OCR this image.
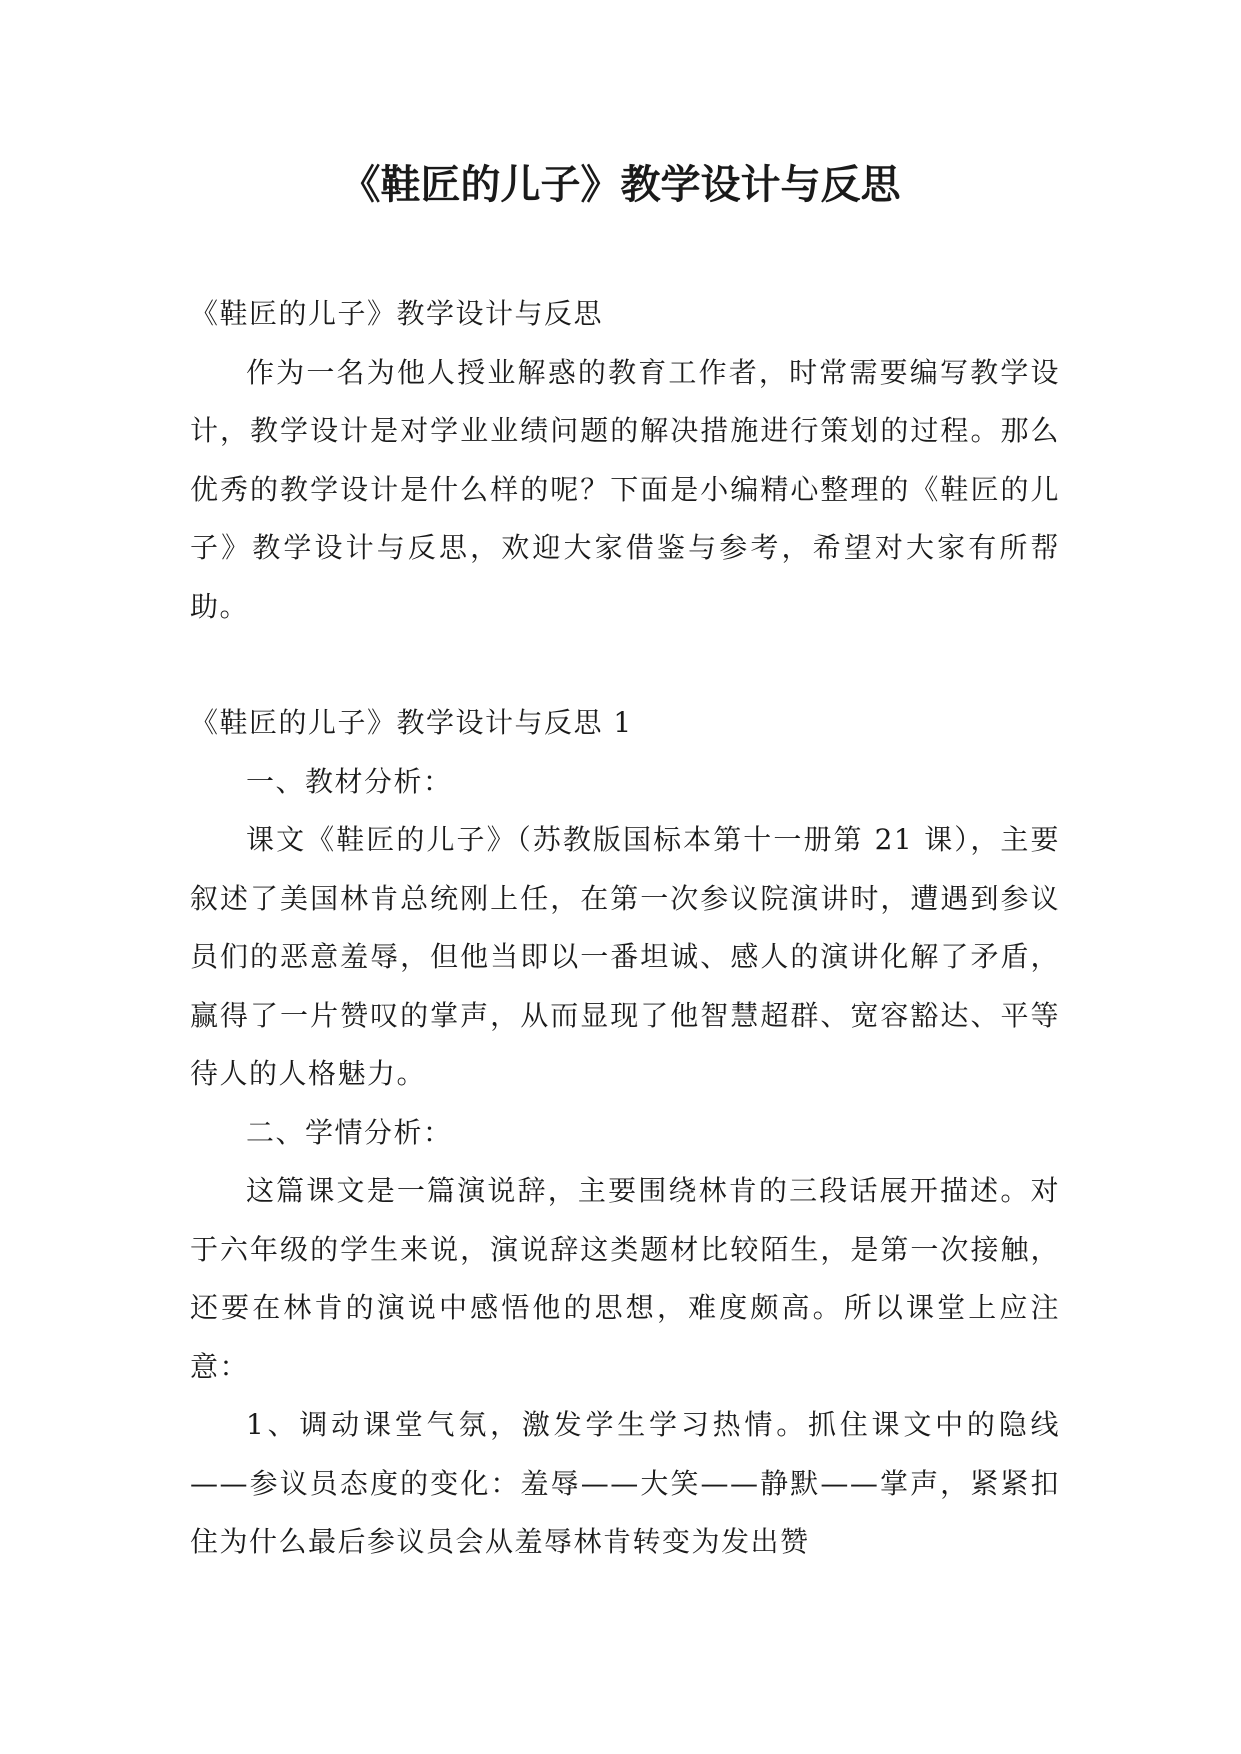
《鞋匠的儿子》教学设计与反思

《鞋匠的儿子》教学设计与反思

作为一名为他人授业解惑的教育工作者，时常需要编写教学设计，教学设计是对学业业绩问题的解决措施进行策划的过程。那么优秀的教学设计是什么样的呢？下面是小编精心整理的《鞋匠的儿子》教学设计与反思，欢迎大家借鉴与参考，希望对大家有所帮助。

《鞋匠的儿子》教学设计与反思 1

一、教材分析：

课文《鞋匠的儿子》（苏教版国标本第十一册第 21 课），主要叙述了美国林肯总统刚上任，在第一次参议院演讲时，遭遇到参议员们的恶意羞辱，但他当即以一番坦诚、感人的演讲化解了矛盾，赢得了一片赞叹的掌声，从而显现了他智慧超群、宽容豁达、平等待人的人格魅力。

二、学情分析：

这篇课文是一篇演说辞，主要围绕林肯的三段话展开描述。对于六年级的学生来说，演说辞这类题材比较陌生，是第一次接触，还要在林肯的演说中感悟他的思想，难度颇高。所以课堂上应注意：

1、调动课堂气氛，激发学生学习热情。抓住课文中的隐线——参议员态度的变化：羞辱——大笑——静默——掌声，紧紧扣住为什么最后参议员会从羞辱林肯转变为发出赞
